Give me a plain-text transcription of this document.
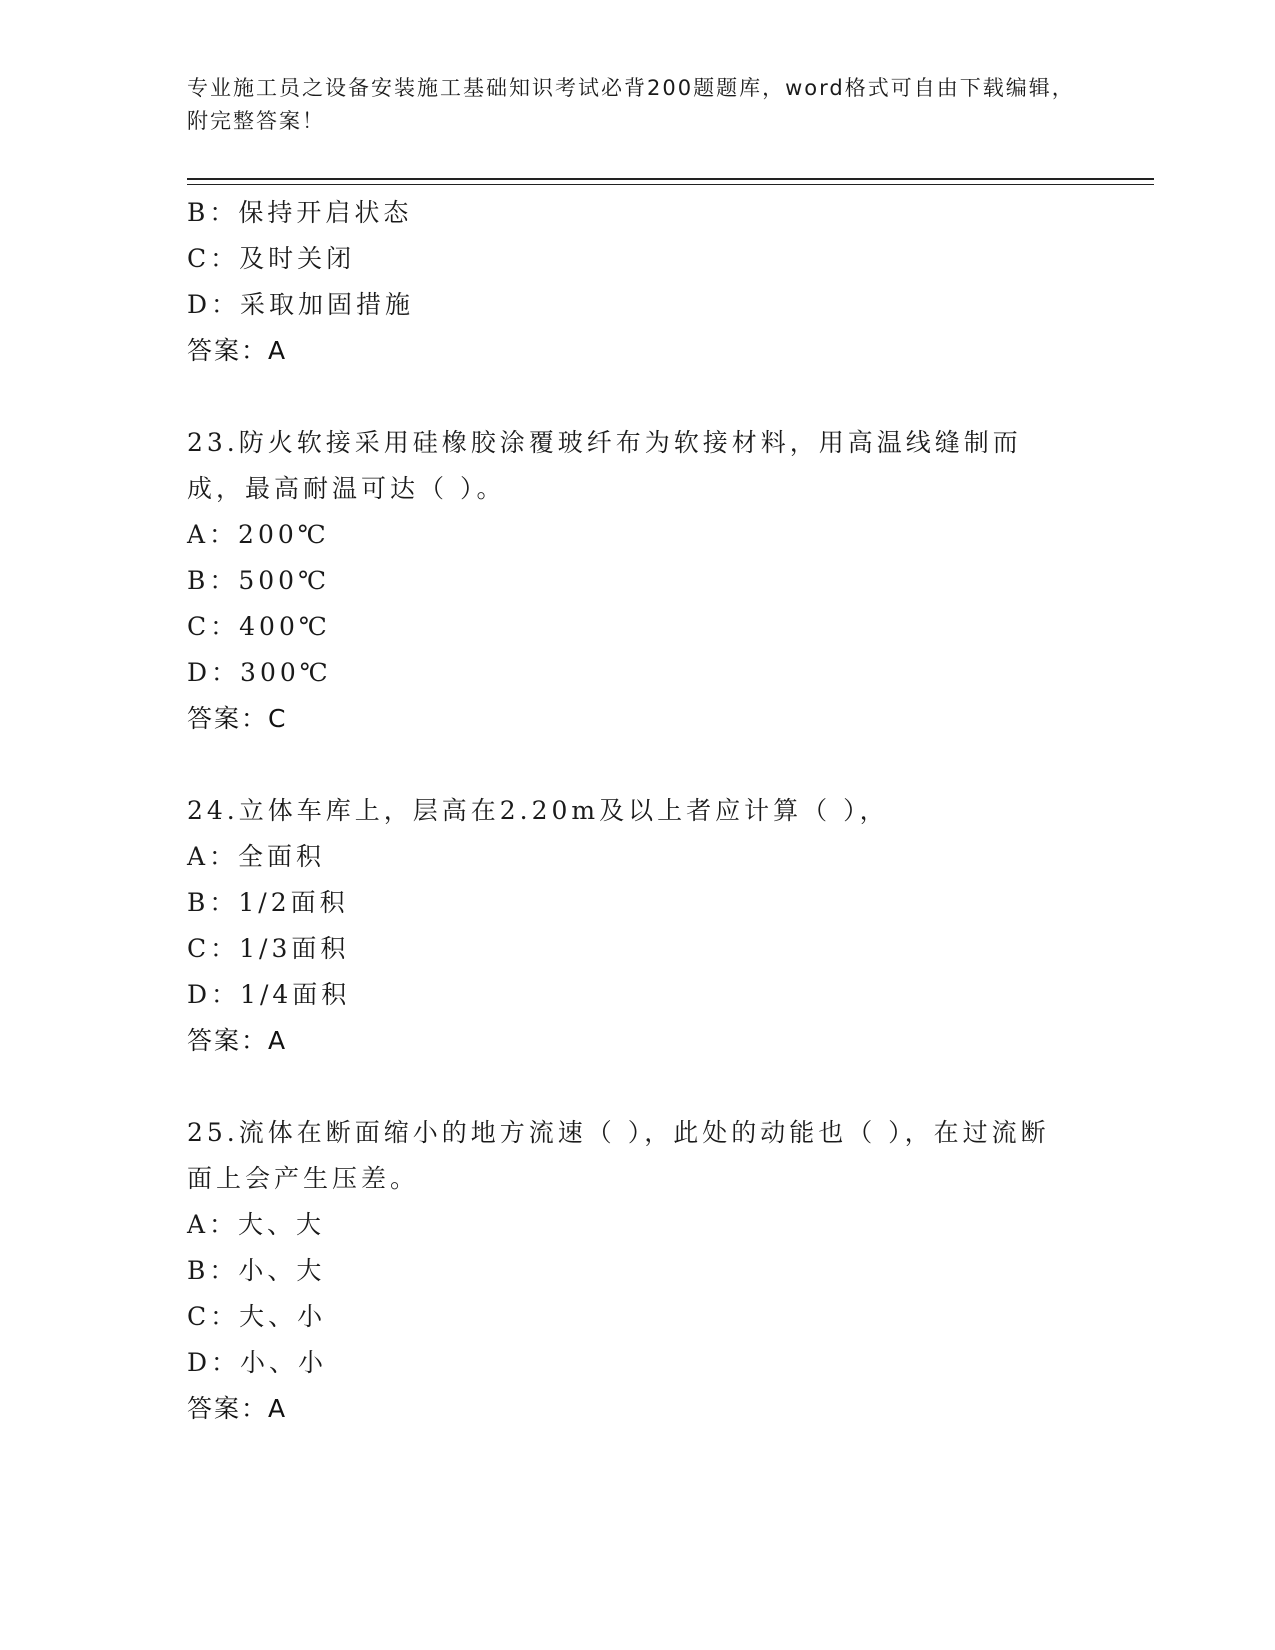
专业施工员之设备安装施工基础知识考试必背200题题库，word格式可自由下载编辑，附完整答案！
B：保持开启状态
C：及时关闭
D：采取加固措施
答案：A
23.防火软接采用硅橡胶涂覆玻纤布为软接材料，用高温线缝制而成，最高耐温可达（ ）。
A：200℃
B：500℃
C：400℃
D：300℃
答案：C
24.立体车库上，层高在2.20m及以上者应计算（ ），
A：全面积
B：1/2面积
C：1/3面积
D：1/4面积
答案：A
25.流体在断面缩小的地方流速（ ），此处的动能也（ ），在过流断面上会产生压差。
A：大、大
B：小、大
C：大、小
D：小、小
答案：A
